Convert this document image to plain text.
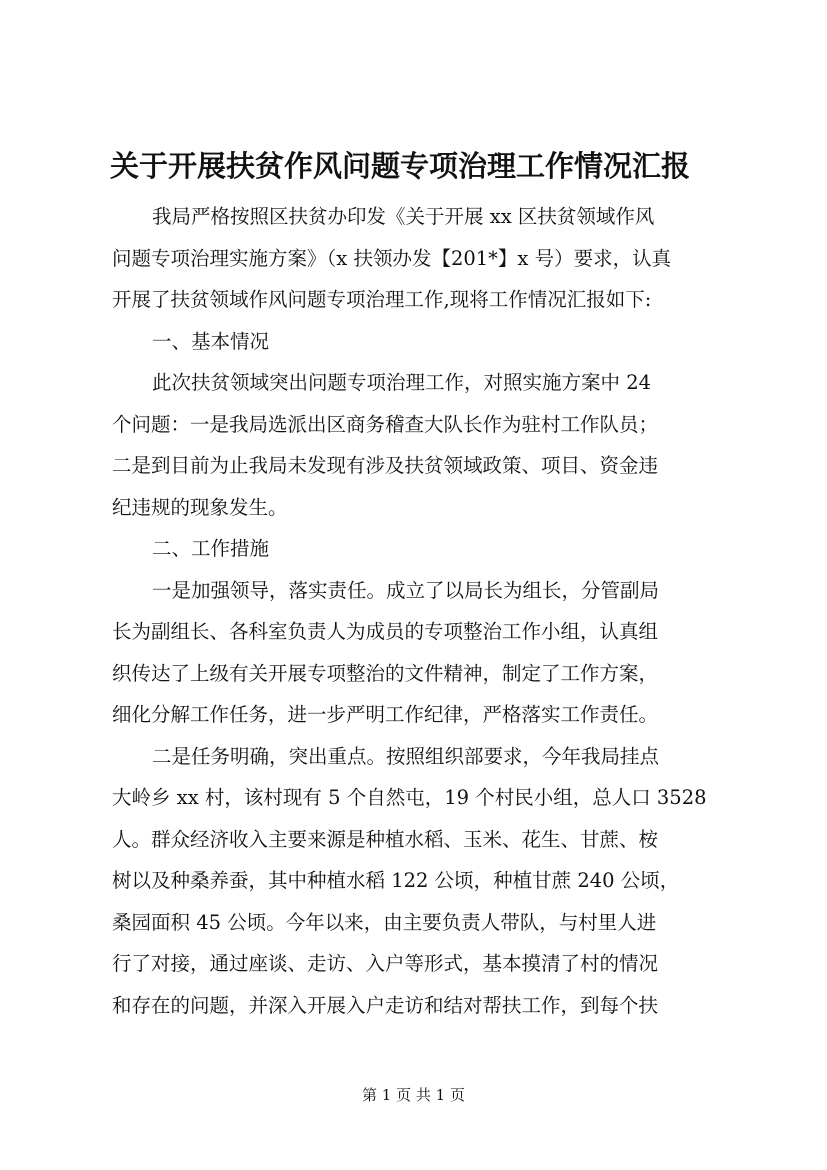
关于开展扶贫作风问题专项治理工作情况汇报
我局严格按照区扶贫办印发《关于开展 xx 区扶贫领域作风
问题专项治理实施方案》（x 扶领办发【201*】x 号）要求，认真
开展了扶贫领域作风问题专项治理工作,现将工作情况汇报如下:
一、基本情况
此次扶贫领域突出问题专项治理工作，对照实施方案中 24
个问题：一是我局选派出区商务稽查大队长作为驻村工作队员；
二是到目前为止我局未发现有涉及扶贫领域政策、项目、资金违
纪违规的现象发生。
二、工作措施
一是加强领导，落实责任。成立了以局长为组长，分管副局
长为副组长、各科室负责人为成员的专项整治工作小组，认真组
织传达了上级有关开展专项整治的文件精神，制定了工作方案，
细化分解工作任务，进一步严明工作纪律，严格落实工作责任。
二是任务明确，突出重点。按照组织部要求，今年我局挂点
大岭乡 xx 村，该村现有 5 个自然屯，19 个村民小组，总人口 3528
人。群众经济收入主要来源是种植水稻、玉米、花生、甘蔗、桉
树以及种桑养蚕，其中种植水稻 122 公顷，种植甘蔗 240 公顷，
桑园面积 45 公顷。今年以来，由主要负责人带队，与村里人进
行了对接，通过座谈、走访、入户等形式，基本摸清了村的情况
和存在的问题，并深入开展入户走访和结对帮扶工作，到每个扶
第 1 页 共 1 页
